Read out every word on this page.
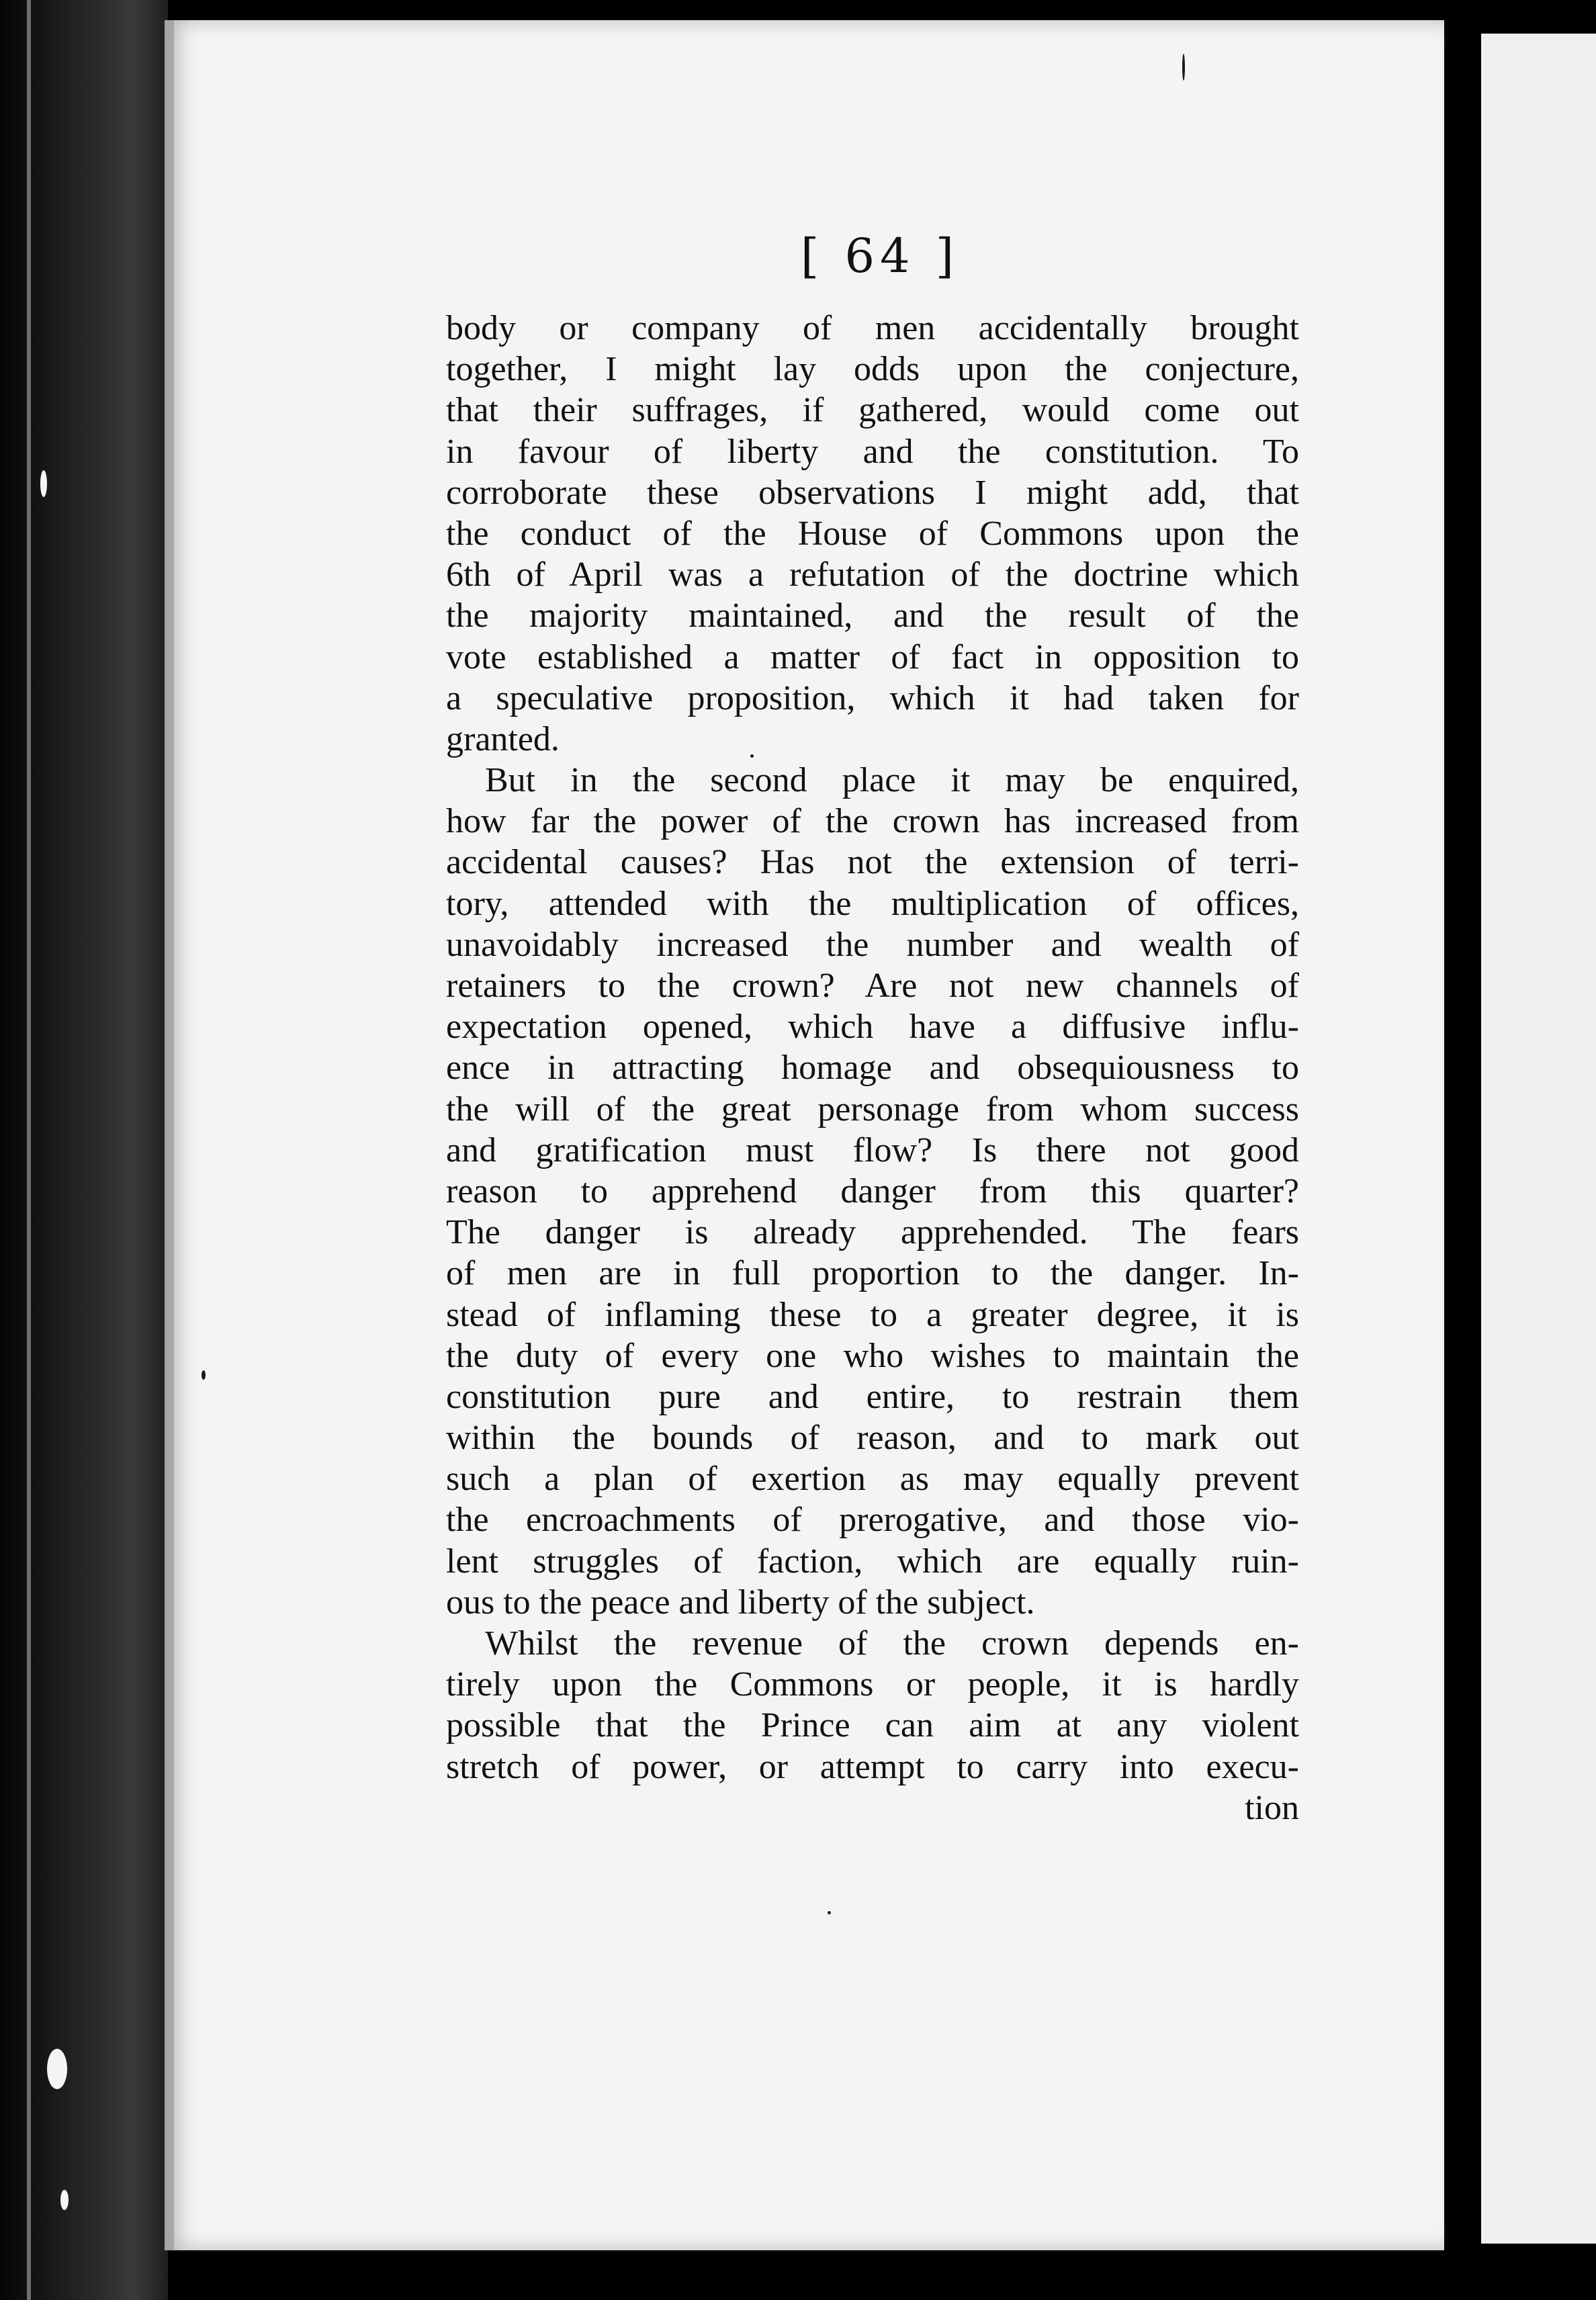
[ 64 ]
body or company of men accidentally brought
together, I might lay odds upon the conjecture,
that their suffrages, if gathered, would come out
in favour of liberty and the constitution. To
corroborate these observations I might add, that
the conduct of the House of Commons upon the
6th of April was a refutation of the doctrine which
the majority maintained, and the result of the
vote established a matter of fact in opposition to
a speculative proposition, which it had taken for
granted.
But in the second place it may be enquired,
how far the power of the crown has increased from
accidental causes? Has not the extension of terri-
tory, attended with the multiplication of offices,
unavoidably increased the number and wealth of
retainers to the crown? Are not new channels of
expectation opened, which have a diffusive influ-
ence in attracting homage and obsequiousness to
the will of the great personage from whom success
and gratification must flow? Is there not good
reason to apprehend danger from this quarter?
The danger is already apprehended. The fears
of men are in full proportion to the danger. In-
stead of inflaming these to a greater degree, it is
the duty of every one who wishes to maintain the
constitution pure and entire, to restrain them
within the bounds of reason, and to mark out
such a plan of exertion as may equally prevent
the encroachments of prerogative, and those vio-
lent struggles of faction, which are equally ruin-
ous to the peace and liberty of the subject.
Whilst the revenue of the crown depends en-
tirely upon the Commons or people, it is hardly
possible that the Prince can aim at any violent
stretch of power, or attempt to carry into execu-
tion
